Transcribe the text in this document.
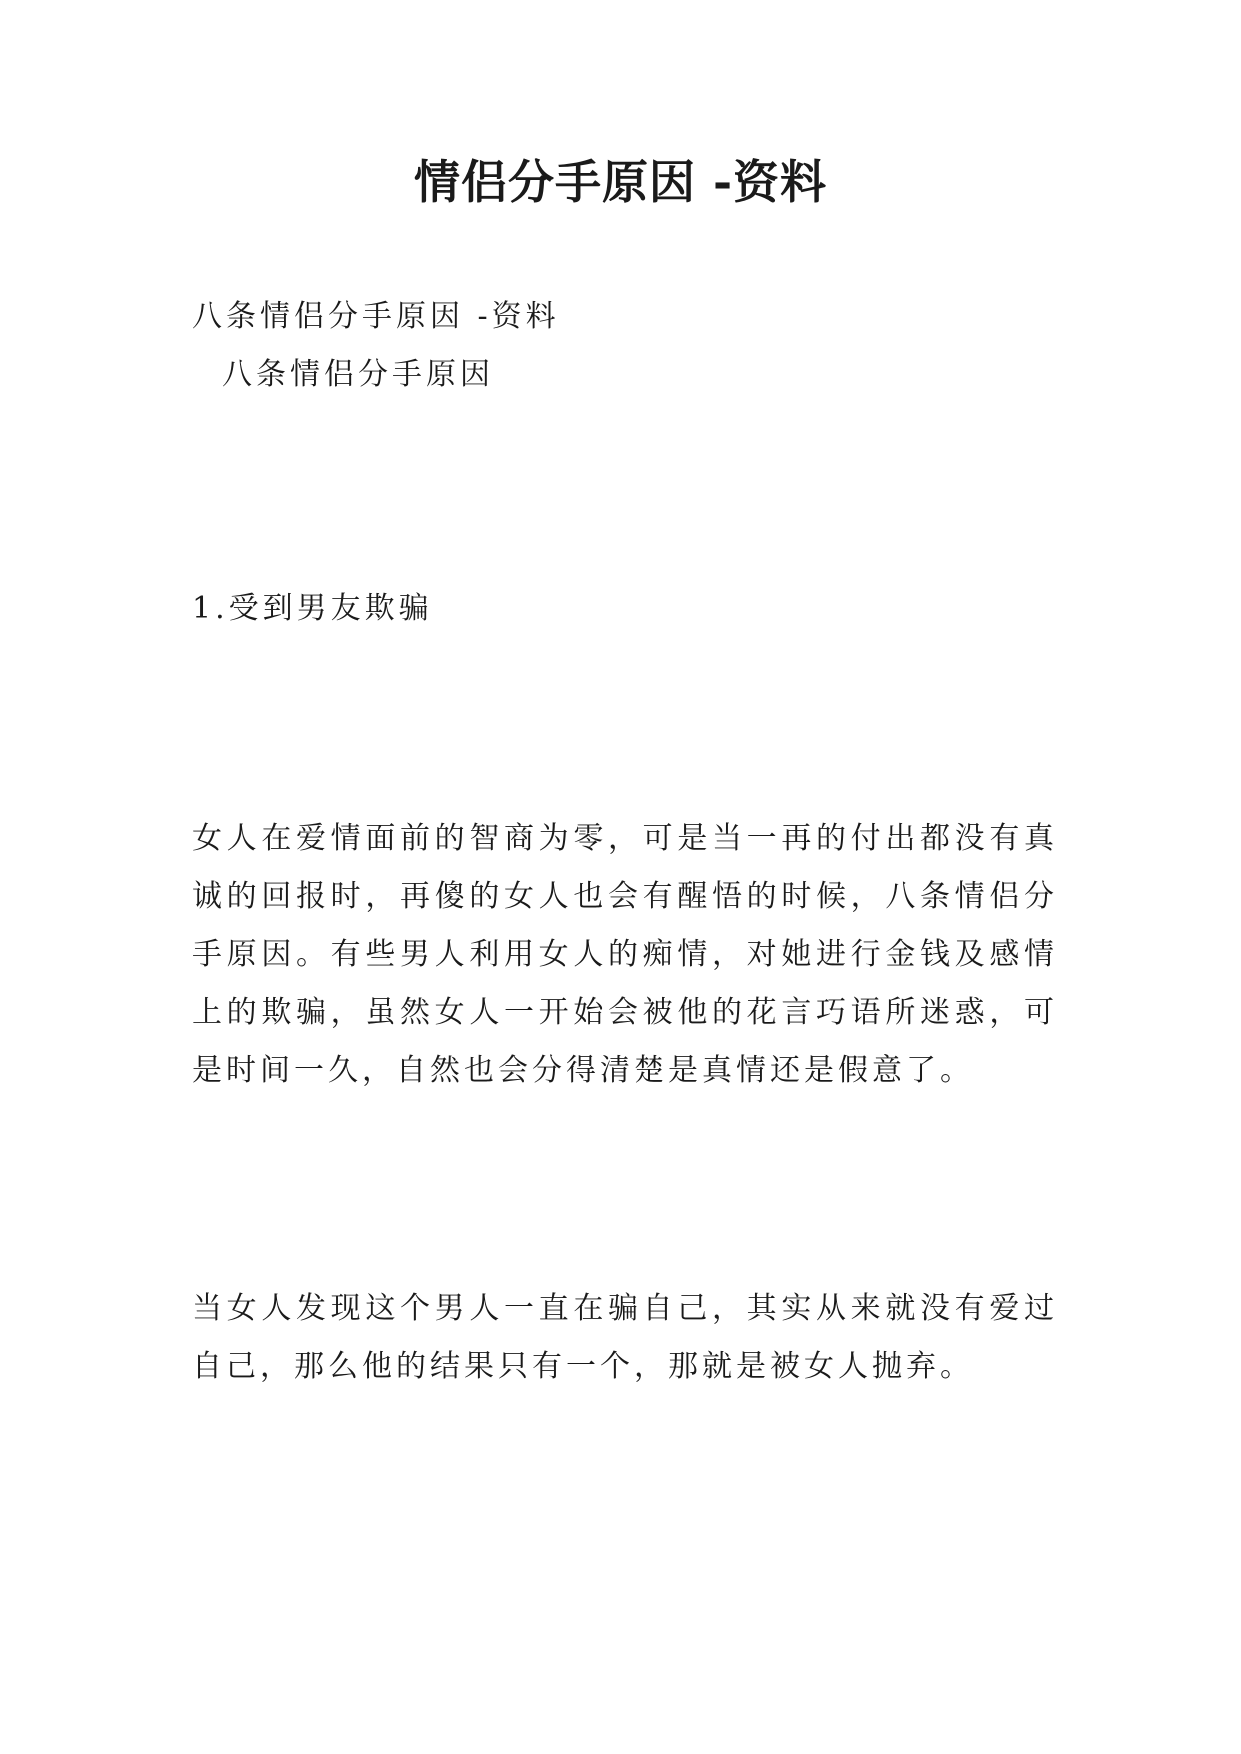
情侣分手原因 -资料

八条情侣分手原因 -资料

八条情侣分手原因

1.受到男友欺骗

女人在爱情面前的智商为零，可是当一再的付出都没有真诚的回报时，再傻的女人也会有醒悟的时候，八条情侣分手原因。有些男人利用女人的痴情，对她进行金钱及感情上的欺骗，虽然女人一开始会被他的花言巧语所迷惑，可是时间一久，自然也会分得清楚是真情还是假意了。

当女人发现这个男人一直在骗自己，其实从来就没有爱过自己，那么他的结果只有一个，那就是被女人抛弃。
